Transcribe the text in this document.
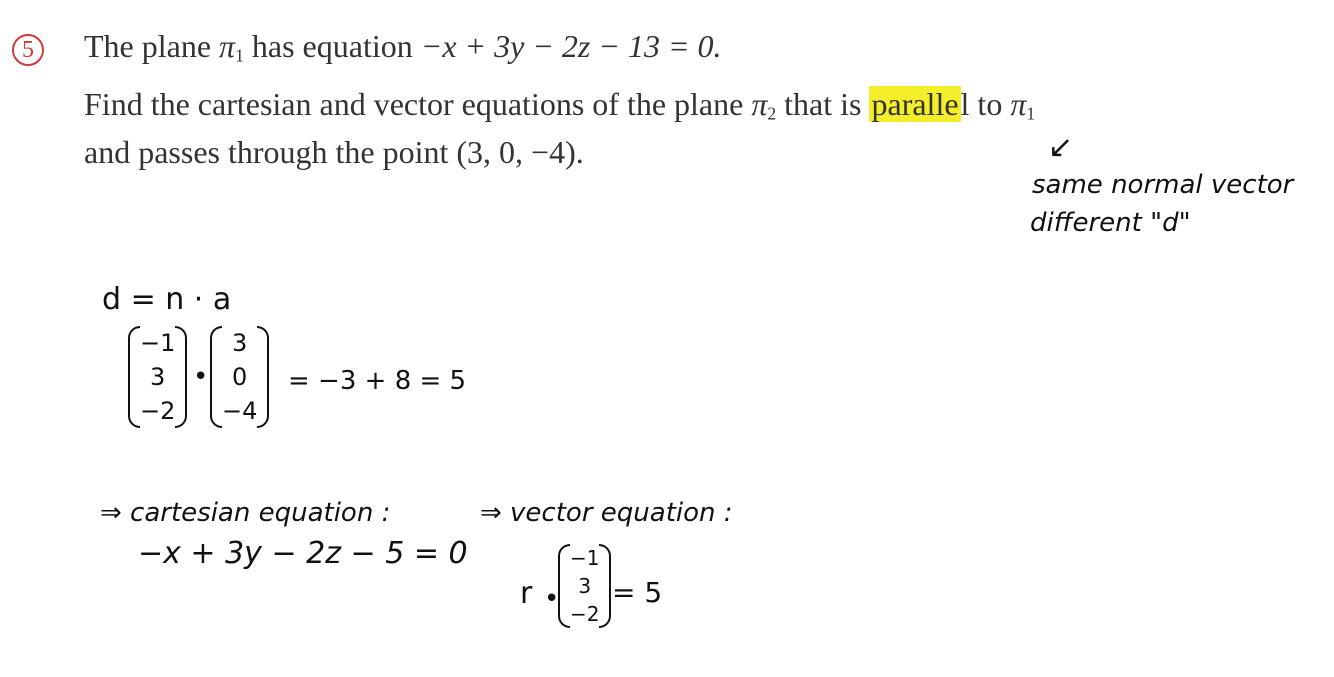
5 The plane $\pi_1$ has equation −x + 3y − 2z − 13 = 0.
Find the cartesian and vector equations of the plane $\pi_2$ that is parallel to $\pi_1$
and passes through the point (3, 0, −4).	↙
same normal vector
different "d"
d = n · a
−1
3
−2
•
3
0
−4
= −3 + 8 = 5
⇒ cartesian equation :
−x + 3y − 2z − 5 = 0
⇒ vector equation :
r •
−1
3
−2
= 5
